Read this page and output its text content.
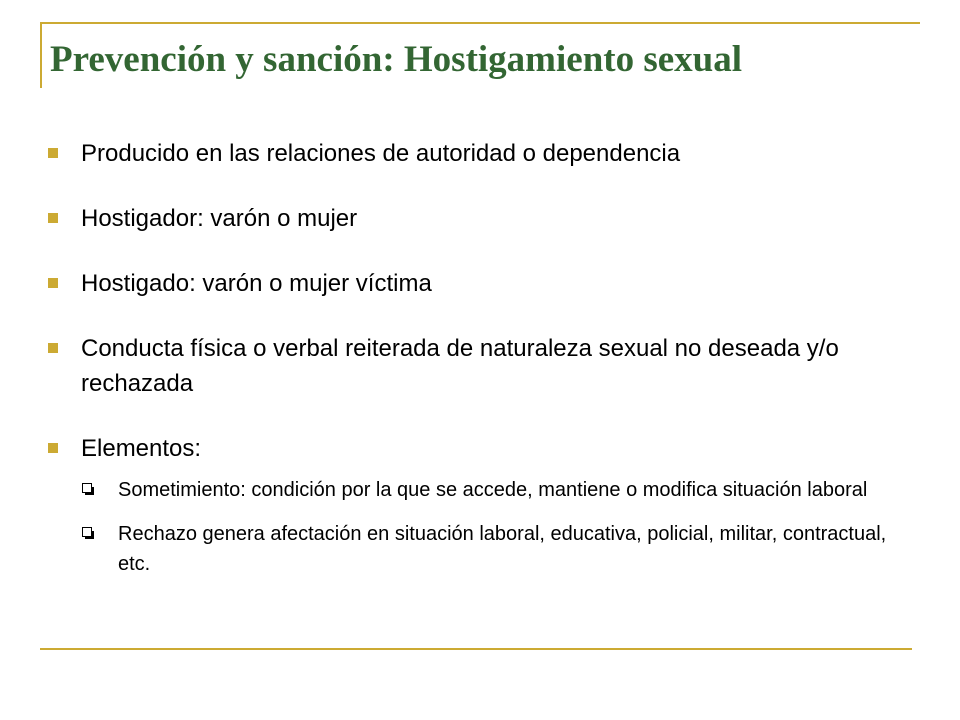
Prevención y sanción: Hostigamiento sexual
Producido en las relaciones de autoridad o dependencia
Hostigador: varón o mujer
Hostigado: varón o mujer víctima
Conducta física o verbal reiterada de naturaleza sexual no deseada y/o rechazada
Elementos:
Sometimiento: condición por la que se accede, mantiene o modifica situación laboral
Rechazo genera afectación en situación laboral, educativa, policial, militar, contractual, etc.
